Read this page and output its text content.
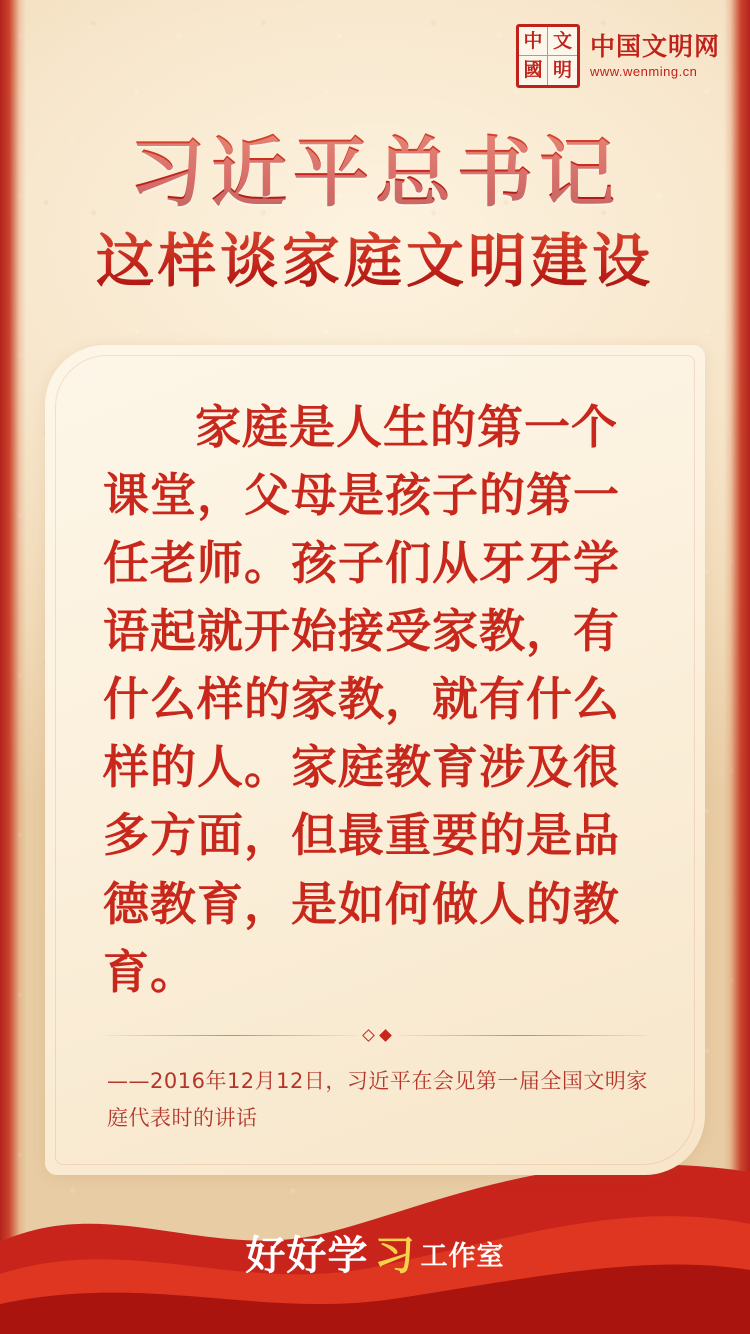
中 文
國 明
中国文明网
www.wenming.cn
习近平总书记
这样谈家庭文明建设
家庭是人生的第一个课堂，父母是孩子的第一任老师。孩子们从牙牙学语起就开始接受家教，有什么样的家教，就有什么样的人。家庭教育涉及很多方面，但最重要的是品德教育，是如何做人的教育。
——2016年12月12日，习近平在会见第一届全国文明家庭代表时的讲话
好好学 习 工作室
